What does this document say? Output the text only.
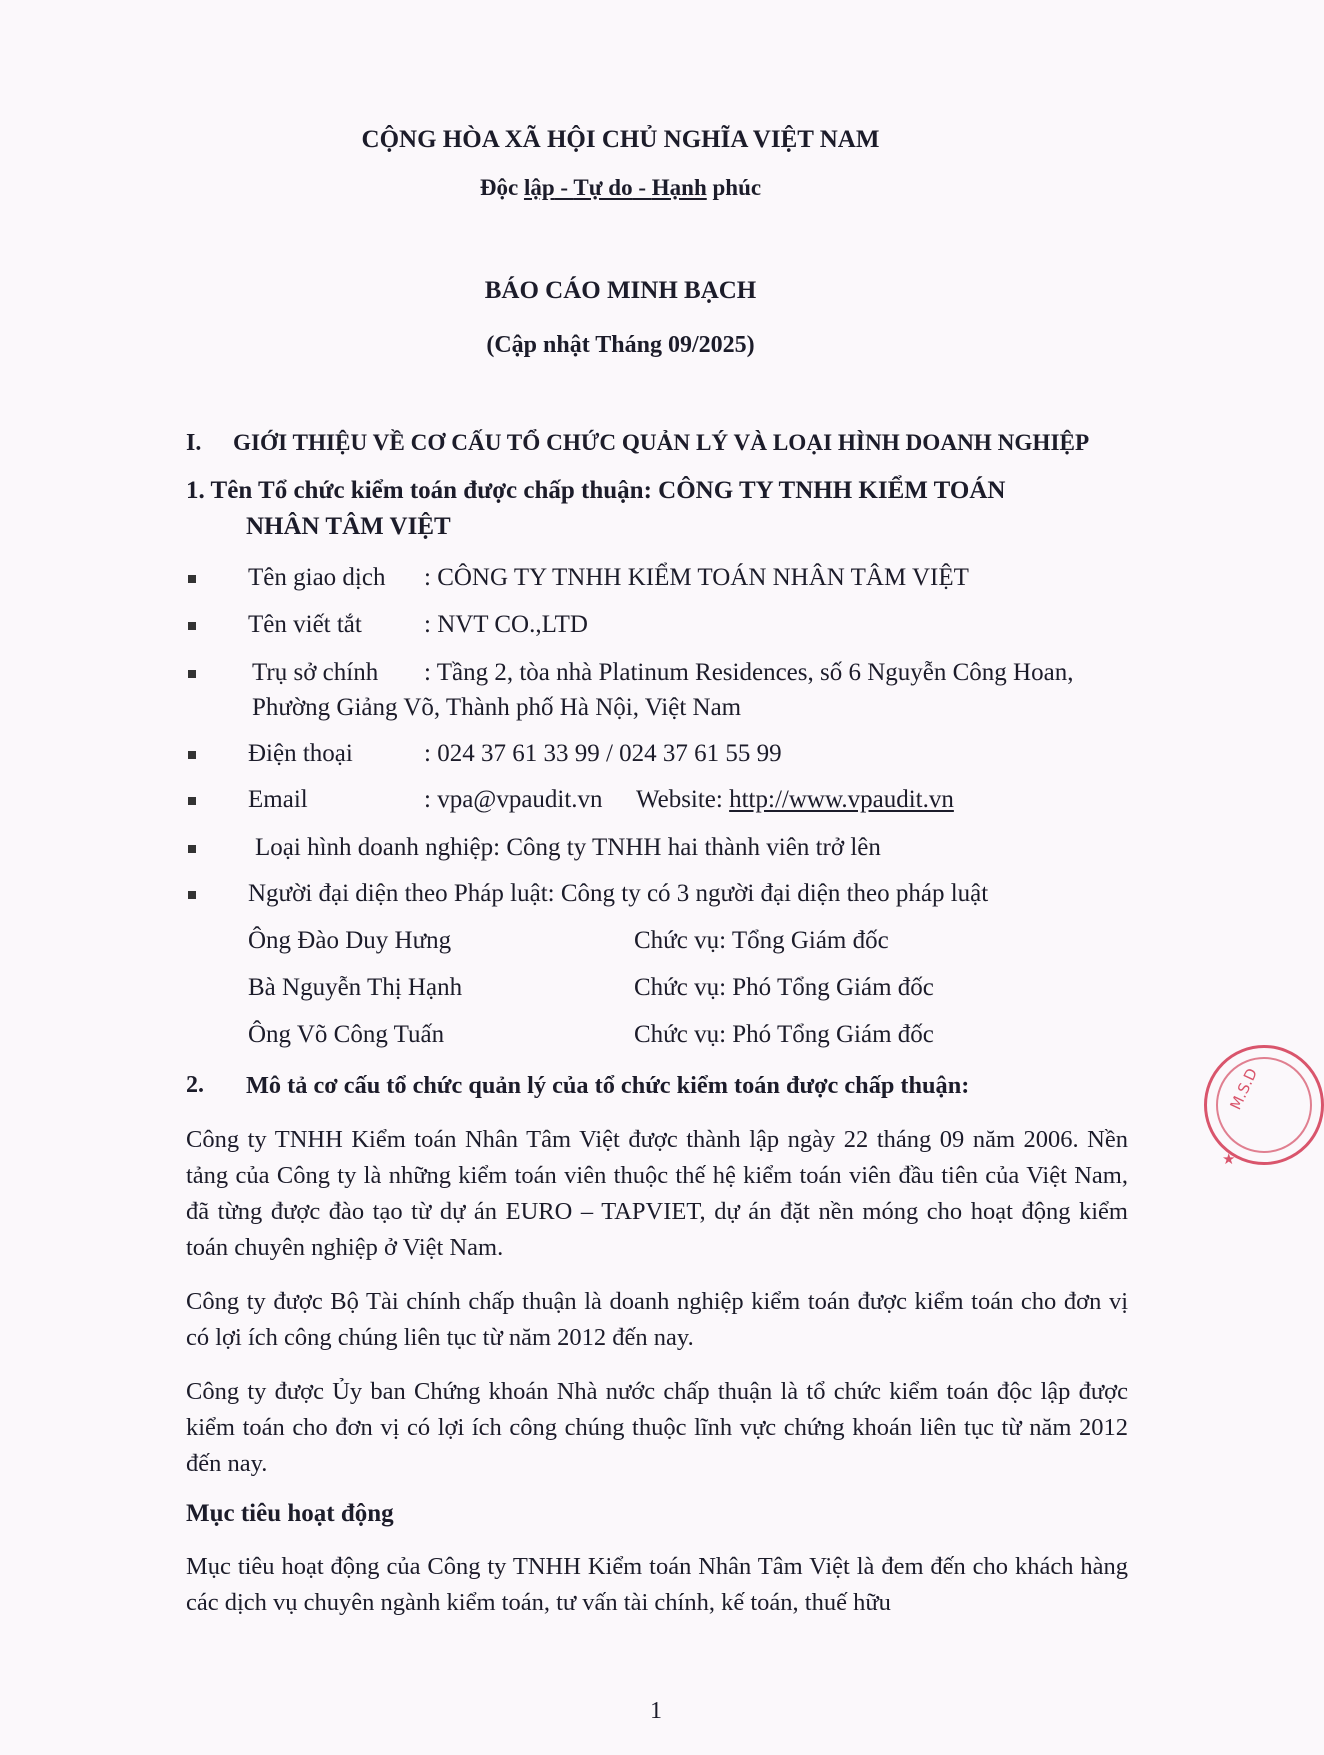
CỘNG HÒA XÃ HỘI CHỦ NGHĨA VIỆT NAM
Độc lập - Tự do - Hạnh phúc
BÁO CÁO MINH BẠCH
(Cập nhật Tháng 09/2025)
I. GIỚI THIỆU VỀ CƠ CẤU TỔ CHỨC QUẢN LÝ VÀ LOẠI HÌNH DOANH NGHIỆP
1. Tên Tổ chức kiểm toán được chấp thuận: CÔNG TY TNHH KIỂM TOÁN
NHÂN TÂM VIỆT
Tên giao dịch : CÔNG TY TNHH KIỂM TOÁN NHÂN TÂM VIỆT
Tên viết tắt : NVT CO.,LTD
Trụ sở chính : Tầng 2, tòa nhà Platinum Residences, số 6 Nguyễn Công Hoan,
Phường Giảng Võ, Thành phố Hà Nội, Việt Nam
Điện thoại	: 024 37 61 33 99 / 024 37 61 55 99
Email	: vpa@vpaudit.vn Website: http://www.vpaudit.vn
Loại hình doanh nghiệp: Công ty TNHH hai thành viên trở lên
Người đại diện theo Pháp luật: Công ty có 3 người đại diện theo pháp luật
Ông Đào Duy Hưng	Chức vụ: Tổng Giám đốc
Bà Nguyễn Thị Hạnh	Chức vụ: Phó Tổng Giám đốc
Ông Võ Công Tuấn	Chức vụ: Phó Tổng Giám đốc
2. Mô tả cơ cấu tổ chức quản lý của tổ chức kiểm toán được chấp thuận:
Công ty TNHH Kiểm toán Nhân Tâm Việt được thành lập ngày 22 tháng 09 năm 2006. Nền tảng của Công ty là những kiểm toán viên thuộc thế hệ kiểm toán viên đầu tiên của Việt Nam, đã từng được đào tạo từ dự án EURO – TAPVIET, dự án đặt nền móng cho hoạt động kiểm toán chuyên nghiệp ở Việt Nam.
Công ty được Bộ Tài chính chấp thuận là doanh nghiệp kiểm toán được kiểm toán cho đơn vị có lợi ích công chúng liên tục từ năm 2012 đến nay.
Công ty được Ủy ban Chứng khoán Nhà nước chấp thuận là tổ chức kiểm toán độc lập được kiểm toán cho đơn vị có lợi ích công chúng thuộc lĩnh vực chứng khoán liên tục từ năm 2012 đến nay.
Mục tiêu hoạt động
Mục tiêu hoạt động của Công ty TNHH Kiểm toán Nhân Tâm Việt là đem đến cho khách hàng các dịch vụ chuyên ngành kiểm toán, tư vấn tài chính, kế toán, thuế hữu
M.S.D
★
1
